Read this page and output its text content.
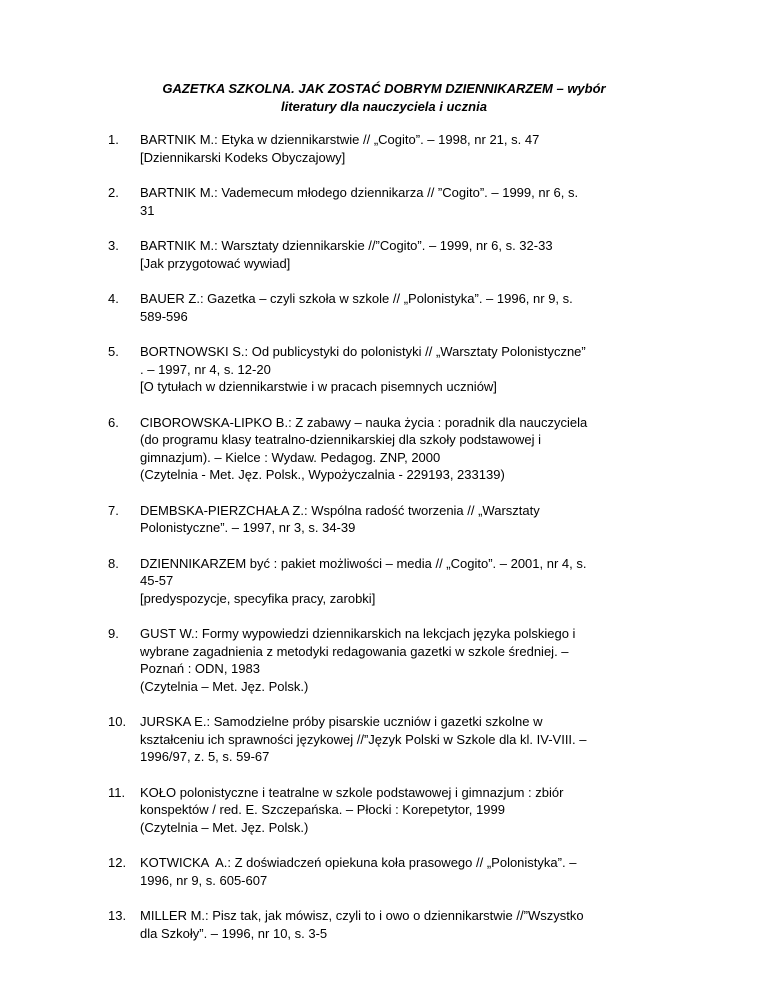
GAZETKA SZKOLNA. JAK ZOSTAĆ DOBRYM DZIENNIKARZEM – wybór
literatury dla nauczyciela i ucznia
1.	BARTNIK M.: Etyka w dziennikarstwie // „Cogito”. – 1998, nr 21, s. 47
[Dziennikarski Kodeks Obyczajowy]
2.	BARTNIK M.: Vademecum młodego dziennikarza // ”Cogito”. – 1999, nr 6, s.
31
3.	BARTNIK M.: Warsztaty dziennikarskie //”Cogito”. – 1999, nr 6, s. 32-33
[Jak przygotować wywiad]
4.	BAUER Z.: Gazetka – czyli szkoła w szkole // „Polonistyka”. – 1996, nr 9, s.
589-596
5.	BORTNOWSKI S.: Od publicystyki do polonistyki // „Warsztaty Polonistyczne”
. – 1997, nr 4, s. 12-20
[O tytułach w dziennikarstwie i w pracach pisemnych uczniów]
6.	CIBOROWSKA-LIPKO B.: Z zabawy – nauka życia : poradnik dla nauczyciela
(do programu klasy teatralno-dziennikarskiej dla szkoły podstawowej i
gimnazjum). – Kielce : Wydaw. Pedagog. ZNP, 2000
(Czytelnia - Met. Jęz. Polsk., Wypożyczalnia - 229193, 233139)
7.	DEMBSKA-PIERZCHAŁA Z.: Wspólna radość tworzenia // „Warsztaty
Polonistyczne”. – 1997, nr 3, s. 34-39
8.	DZIENNIKARZEM być : pakiet możliwości – media // „Cogito”. – 2001, nr 4, s.
45-57
[predyspozycje, specyfika pracy, zarobki]
9.	GUST W.: Formy wypowiedzi dziennikarskich na lekcjach języka polskiego i
wybrane zagadnienia z metodyki redagowania gazetki w szkole średniej. –
Poznań : ODN, 1983
(Czytelnia – Met. Jęz. Polsk.)
10.	JURSKA E.: Samodzielne próby pisarskie uczniów i gazetki szkolne w
kształceniu ich sprawności językowej //”Język Polski w Szkole dla kl. IV-VIII. –
1996/97, z. 5, s. 59-67
11.	KOŁO polonistyczne i teatralne w szkole podstawowej i gimnazjum : zbiór
konspektów / red. E. Szczepańska. – Płocki : Korepetytor, 1999
(Czytelnia – Met. Jęz. Polsk.)
12.	KOTWICKA  A.: Z doświadczeń opiekuna koła prasowego // „Polonistyka”. –
1996, nr 9, s. 605-607
13.	MILLER M.: Pisz tak, jak mówisz, czyli to i owo o dziennikarstwie //”Wszystko
dla Szkoły”. – 1996, nr 10, s. 3-5
